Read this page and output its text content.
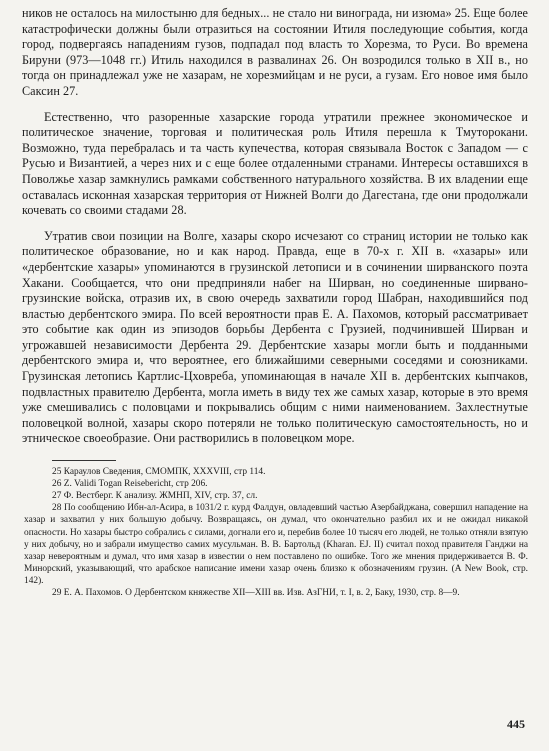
ников не осталось на милостыню для бедных... не стало ни винограда, ни изюма» 25. Еще более катастрофически должны были отразиться на состоянии Итиля последующие события, когда город, подвергаясь нападениям гузов, подпадал под власть то Хорезма, то Руси. Во времена Бируни (973—1048 гг.) Итиль находился в развалинах 26. Он возродился только в XII в., но тогда он принадлежал уже не хазарам, не хорезмийцам и не руси, а гузам. Его новое имя было Саксин 27.

Естественно, что разоренные хазарские города утратили прежнее экономическое и политическое значение, торговая и политическая роль Итиля перешла к Тмутоpокани. Возможно, туда перебралась и та часть купечества, которая связывала Восток с Западом — с Русью и Византией, а через них и с еще более отдаленными странами. Интересы оставшихся в Поволжье хазар замкнулись рамками собственного натурального хозяйства. В их владении еще оставалась исконная хазарская территория от Нижней Волги до Дагестана, где они продолжали кочевать со своими стадами 28.

Утратив свои позиции на Волге, хазары скоро исчезают со страниц истории не только как политическое образование, но и как народ. Правда, еще в 70-х г. XII в. «хазары» или «дербентские хазары» упоминаются в грузинской летописи и в сочинении ширванского поэта Хакани. Сообщается, что они предприняли набег на Ширван, но соединенные ширвано-грузинские войска, отразив их, в свою очередь захватили город Шабран, находившийся под властью дербентского эмира. По всей вероятности прав Е. А. Пахомов, который рассматривает это событие как один из эпизодов борьбы Дербента с Грузией, подчинившей Ширван и угрожавшей независимости Дербента 29. Дербентские хазары могли быть и подданными дербентского эмира и, что вероятнее, его ближайшими северными соседями и союзниками. Грузинская летопись Картлис-Цховреба, упоминающая в начале XII в. дербентских кыпчаков, подвластных правителю Дербента, могла иметь в виду тех же самых хазар, которые в это время уже смешивались с половцами и покрывались общим с ними наименованием. Захлестнутые половецкой волной, хазары скоро потеряли не только политическую самостоятельность, но и этническое своеобразие. Они растворились в половецком море.

25 Караулов Сведения, СМОМПК, XXXVIII, стр 114.

26 Z. Validi Togan Reisebericht, стр 206.

27 Ф. Вестберг. К анализу. ЖМНП, XIV, стр. 37, сл.

28 По сообщению Ибн-ал-Асира, в 1031/2 г. курд Фалдун, овладевший частью Азербайджана, совершил нападение на хазар и захватил у них большую добычу. Возвращаясь, он думал, что окончательно разбил их и не ожидал никакой опасности. Но хазары быстро собрались с силами, догнали его и, перебив более 10 тысяч его людей, не только отняли взятую у них добычу, но и забрали имущество самих мусульман. В. В. Бартольд (Kharan. EJ. II) считал поход правителя Ганджи на хазар невероятным и думал, что имя хазар в известии о нем поставлено по ошибке. Того же мнения придерживается В. Ф. Минорский, указывающий, что арабское написание имени хазар очень близко к обозначениям грузин. (A New Book, стр. 142).

29 Е. А. Пахомов. О Дербентском княжестве XII—XIII вв. Изв. АзГНИ, т. I, в. 2, Баку, 1930, стр. 8—9.

445
